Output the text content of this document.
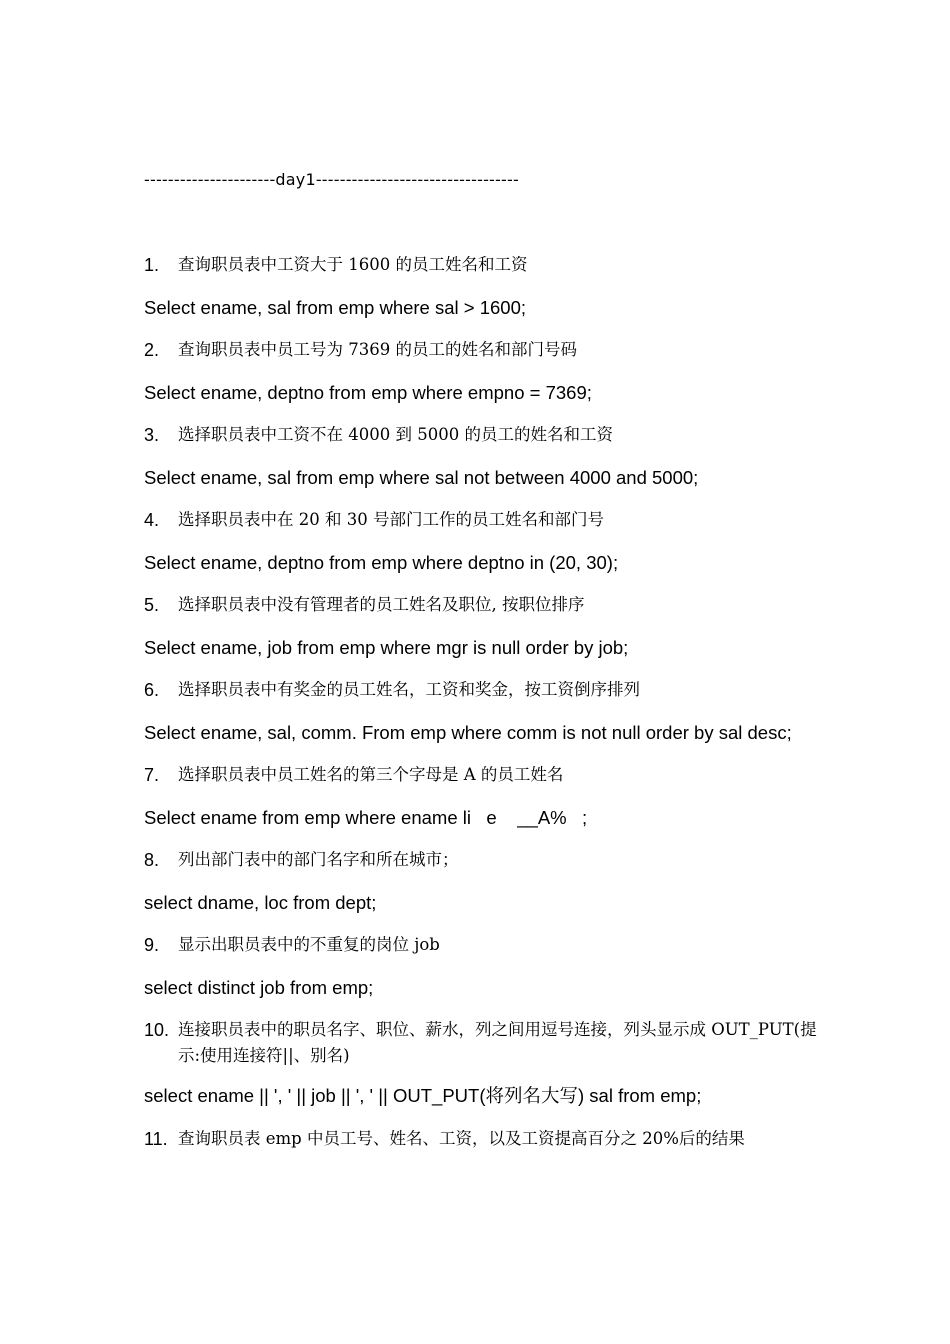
----------------------day1----------------------------------
1.	查询职员表中工资大于 1600 的员工姓名和工资
Select ename, sal from emp where sal > 1600;
2.	查询职员表中员工号为 7369 的员工的姓名和部门号码
Select ename, deptno from emp where empno = 7369;
3.	选择职员表中工资不在 4000 到 5000 的员工的姓名和工资
Select ename, sal from emp where sal not between 4000 and 5000;
4.	选择职员表中在 20 和 30 号部门工作的员工姓名和部门号
Select ename, deptno from emp where deptno in (20, 30);
5.	选择职员表中没有管理者的员工姓名及职位, 按职位排序
Select ename, job from emp where mgr is null order by job;
6.	选择职员表中有奖金的员工姓名，工资和奖金，按工资倒序排列
Select ename, sal, comm. From emp where comm is not null order by sal desc;
7.	选择职员表中员工姓名的第三个字母是 A 的员工姓名
Select ename from emp where ename li   e    __A%   ;
8.	列出部门表中的部门名字和所在城市；
select dname, loc from dept;
9.	显示出职员表中的不重复的岗位 job
select distinct job from emp;
10. 连接职员表中的职员名字、职位、薪水，列之间用逗号连接，列头显示成 OUT_PUT(提示:使用连接符||、别名)
select ename || ', ' || job || ', ' || OUT_PUT(将列名大写) sal from emp;
11. 查询职员表 emp 中员工号、姓名、工资，以及工资提高百分之 20%后的结果
